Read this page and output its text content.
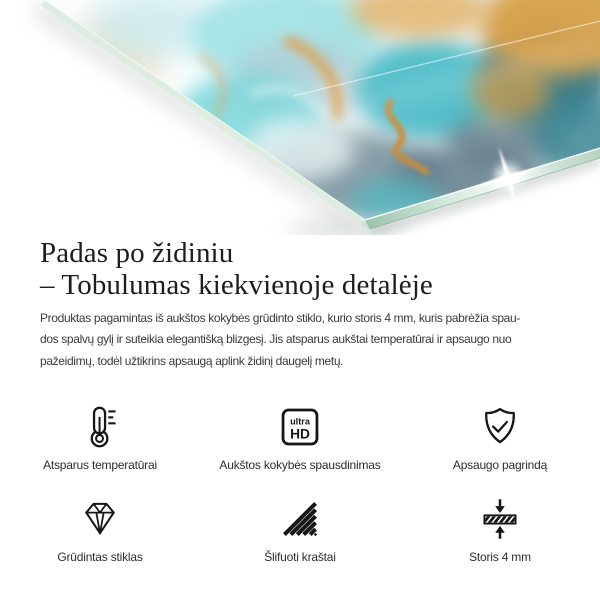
Padas po židiniu
– Tobulumas kiekvienoje detalėje

Produktas pagamintas iš aukštos kokybės grūdinto stiklo, kurio storis 4 mm, kuris pabrėžia spau-
dos spalvų gylį ir suteikia elegantišką blizgesį. Jis atsparus aukštai temperatūrai ir apsaugo nuo
pažeidimų, todėl užtikrins apsaugą aplink židinį daugelį metų.

Atsparus temperatūrai
ultra
HD
Aukštos kokybės spausdinimas	Apsaugo pagrindą
Grūdintas stiklas	Šlifuoti kraštai	Storis 4 mm
